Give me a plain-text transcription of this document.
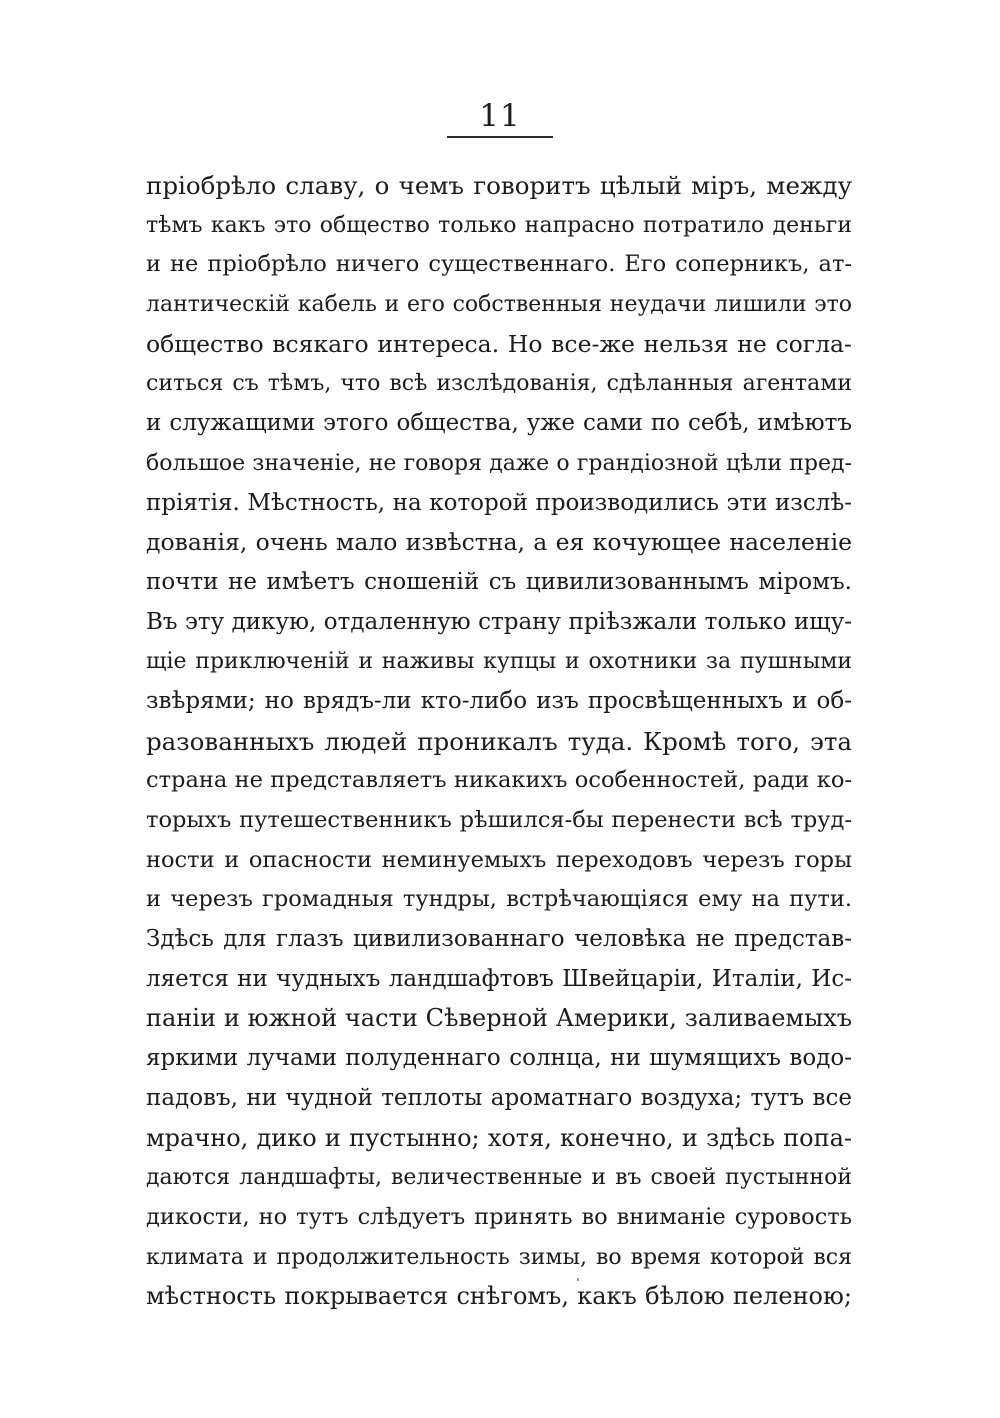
11
пріобрѣло славу, о чемъ говоритъ цѣлый міръ, между
тѣмъ какъ это общество только напрасно потратило деньги
и не пріобрѣло ничего существеннаго. Его соперникъ, ат-
лантическій кабель и его собственныя неудачи лишили это
общество всякаго интереса. Но все-же нельзя не согла-
ситься съ тѣмъ, что всѣ изслѣдованія, сдѣланныя агентами
и служащими этого общества, уже сами по себѣ, имѣютъ
большое значеніе, не говоря даже о грандіозной цѣли пред-
пріятія. Мѣстность, на которой производились эти изслѣ-
дованія, очень мало извѣстна, а ея кочующее населеніе
почти не имѣетъ сношеній съ цивилизованнымъ міромъ.
Въ эту дикую, отдаленную страну пріѣзжали только ищу-
щіе приключеній и наживы купцы и охотники за пушными
звѣрями; но врядъ-ли кто-либо изъ просвѣщенныхъ и об-
разованныхъ людей проникалъ туда. Кромѣ того, эта
страна не представляетъ никакихъ особенностей, ради ко-
торыхъ путешественникъ рѣшился-бы перенести всѣ труд-
ности и опасности неминуемыхъ переходовъ черезъ горы
и черезъ громадныя тундры, встрѣчающіяся ему на пути.
Здѣсь для глазъ цивилизованнаго человѣка не представ-
ляется ни чудныхъ ландшафтовъ Швейцаріи, Италіи, Ис-
паніи и южной части Сѣверной Америки, заливаемыхъ
яркими лучами полуденнаго солнца, ни шумящихъ водо-
падовъ, ни чудной теплоты ароматнаго воздуха; тутъ все
мрачно, дико и пустынно; хотя, конечно, и здѣсь попа-
даются ландшафты, величественные и въ своей пустынной
дикости, но тутъ слѣдуетъ принять во вниманіе суровость
климата и продолжительность зимы, во время которой вся
мѣстность покрывается снѣгомъ, какъ бѣлою пеленою;
